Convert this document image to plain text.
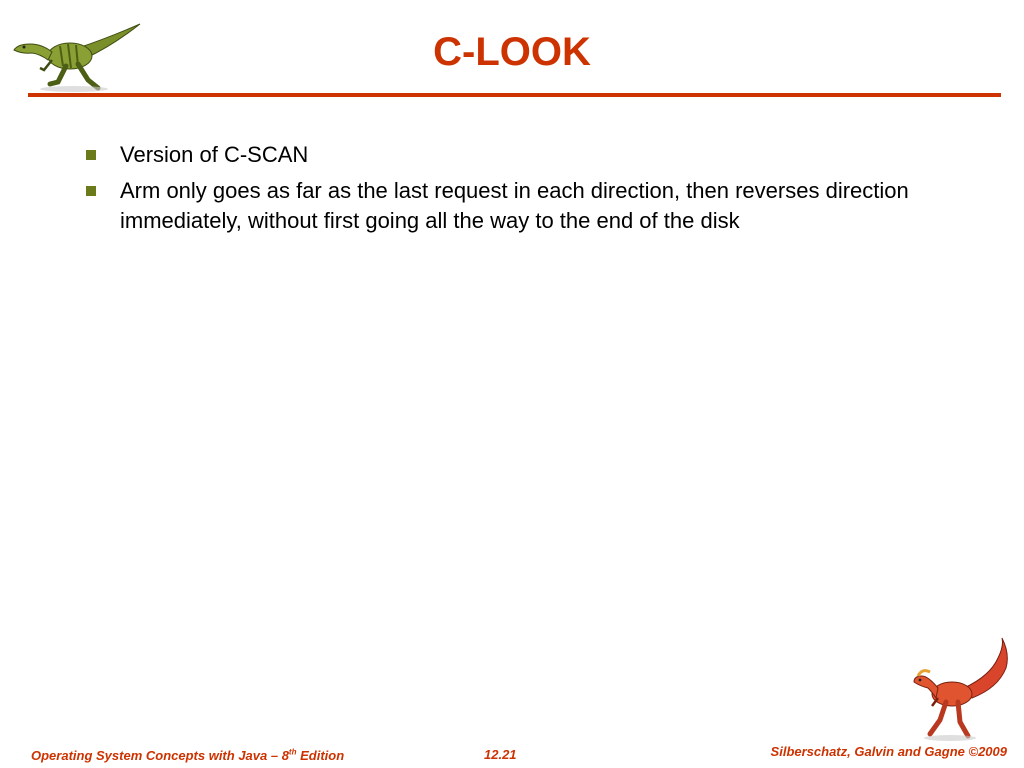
C-LOOK
Version of C-SCAN
Arm only goes as far as the last request in each direction, then reverses direction immediately, without first going all the way to the end of the disk
Operating System Concepts with Java – 8th Edition	12.21	Silberschatz, Galvin and Gagne ©2009
